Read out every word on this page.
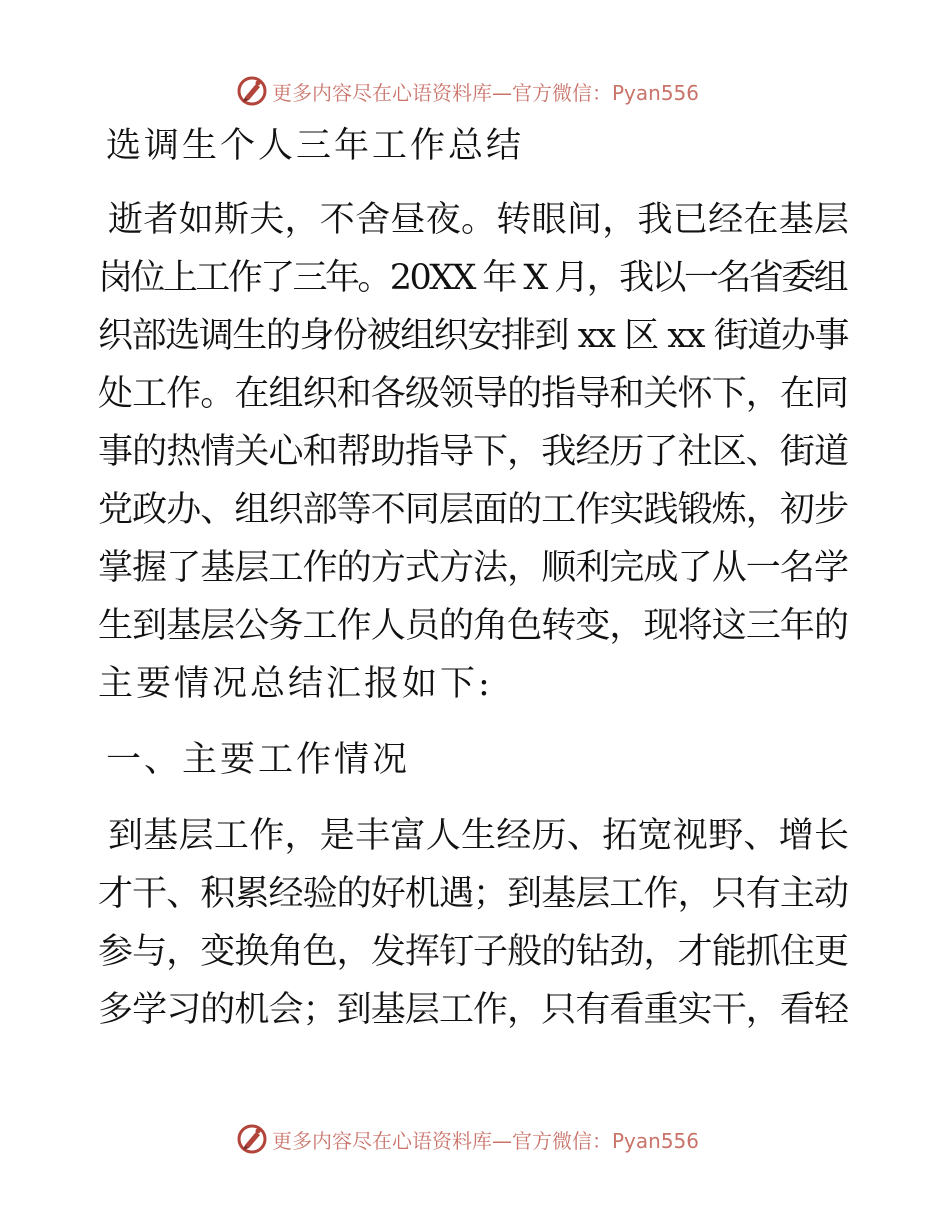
更多内容尽在心语资料库—官方微信：Pyan556
选调生个人三年工作总结
逝者如斯夫，不舍昼夜。转眼间，我已经在基层
岗位上工作了三年。20XX 年 X 月，我以一名省委组
织部选调生的身份被组织安排到 xx 区 xx 街道办事
处工作。在组织和各级领导的指导和关怀下，在同
事的热情关心和帮助指导下，我经历了社区、街道
党政办、组织部等不同层面的工作实践锻炼，初步
掌握了基层工作的方式方法，顺利完成了从一名学
生到基层公务工作人员的角色转变，现将这三年的
主要情况总结汇报如下:
一、主要工作情况
到基层工作，是丰富人生经历、拓宽视野、增长
才干、积累经验的好机遇；到基层工作，只有主动
参与，变换角色，发挥钉子般的钻劲，才能抓住更
多学习的机会；到基层工作，只有看重实干，看轻
更多内容尽在心语资料库—官方微信：Pyan556
